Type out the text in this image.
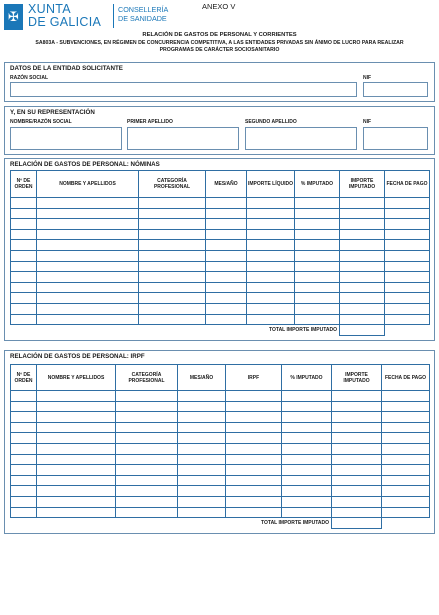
✠
XUNTA
DE GALICIA
CONSELLERÍA
DE SANIDADE
ANEXO V
RELACIÓN DE GASTOS DE PERSONAL Y CORRIENTES
SA803A - SUBVENCIONES, EN RÉGIMEN DE CONCURRENCIA COMPETITIVA, A LAS ENTIDADES PRIVADAS SIN ÁNIMO DE LUCRO PARA REALIZAR
PROGRAMAS DE CARÁCTER SOCIOSANITARIO
DATOS DE LA ENTIDAD SOLICITANTE
RAZÓN SOCIAL	NIF
Y, EN SU REPRESENTACIÓN
NOMBRE/RAZÓN SOCIAL	PRIMER APELLIDO	SEGUNDO APELLIDO	NIF
RELACIÓN DE GASTOS DE PERSONAL: NÓMINAS
Nº DE ORDEN	NOMBRE Y APELLIDOS	CATEGORÍA PROFESIONAL	MES/AÑO	IMPORTE LÍQUIDO	% IMPUTADO	IMPORTE IMPUTADO	FECHA DE PAGO

TOTAL IMPORTE IMPUTADO							
RELACIÓN DE GASTOS DE PERSONAL: IRPF
Nº DE ORDEN	NOMBRE Y APELLIDOS	CATEGORÍA PROFESIONAL	MES/AÑO	IRPF	% IMPUTADO	IMPORTE IMPUTADO	FECHA DE PAGO

TOTAL IMPORTE IMPUTADO							
